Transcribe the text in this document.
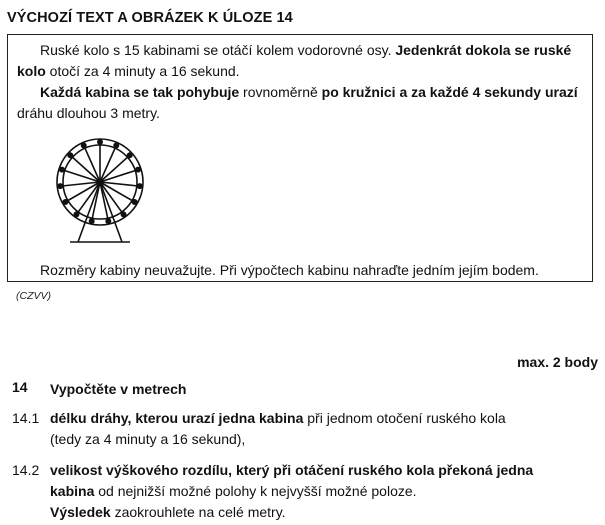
VÝCHOZÍ TEXT A OBRÁZEK K ÚLOZE 14
Ruské kolo s 15 kabinami se otáčí kolem vodorovné osy. Jedenkrát dokola se ruské
kolo otočí za 4 minuty a 16 sekund.
Každá kabina se tak pohybuje rovnoměrně po kružnici a za každé 4 sekundy urazí
dráhu dlouhou 3 metry.
Rozměry kabiny neuvažujte. Při výpočtech kabinu nahraďte jedním jejím bodem.
(CZVV)
max. 2 body
14 Vypočtěte v metrech
14.1 délku dráhy, kterou urazí jedna kabina při jednom otočení ruského kola
(tedy za 4 minuty a 16 sekund),
14.2 velikost výškového rozdílu, který při otáčení ruského kola překoná jedna
kabina od nejnižší možné polohy k nejvyšší možné poloze.
Výsledek zaokrouhlete na celé metry.
